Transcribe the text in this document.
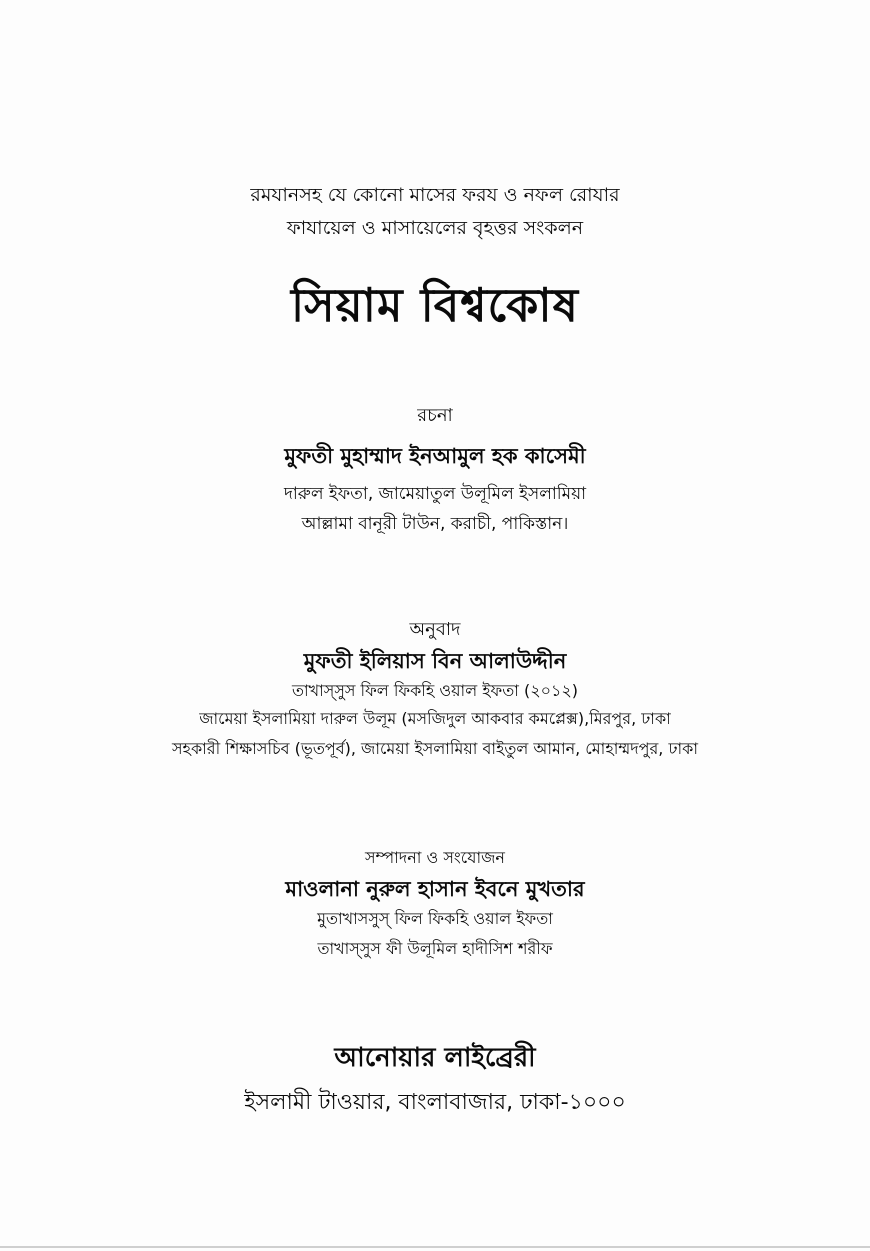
রমযানসহ যে কোনো মাসের ফরয ও নফল রোযার
ফাযায়েল ও মাসায়েলের বৃহত্তর সংকলন
সিয়াম বিশ্বকোষ
রচনা
মুফতী মুহাম্মাদ ইনআমুল হক কাসেমী
দারুল ইফতা, জামেয়াতুল উলূমিল ইসলামিয়া
আল্লামা বানূরী টাউন, করাচী, পাকিস্তান।
অনুবাদ
মুফতী ইলিয়াস বিন আলাউদ্দীন
তাখাস্সুস ফিল ফিকহি ওয়াল ইফতা (২০১২)
জামেয়া ইসলামিয়া দারুল উলূম (মসজিদুল আকবার কমপ্লেক্স),মিরপুর, ঢাকা
সহকারী শিক্ষাসচিব (ভূতপূর্ব), জামেয়া ইসলামিয়া বাইতুল আমান, মোহাম্মদপুর, ঢাকা
সম্পাদনা ও সংযোজন
মাওলানা নুরুল হাসান ইবনে মুখতার
মুতাখাসসুস্ ফিল ফিকহি ওয়াল ইফতা
তাখাস্সুস ফী উলূমিল হাদীসিশ শরীফ
আনোয়ার লাইব্রেরী
ইসলামী টাওয়ার, বাংলাবাজার, ঢাকা-১০০০
